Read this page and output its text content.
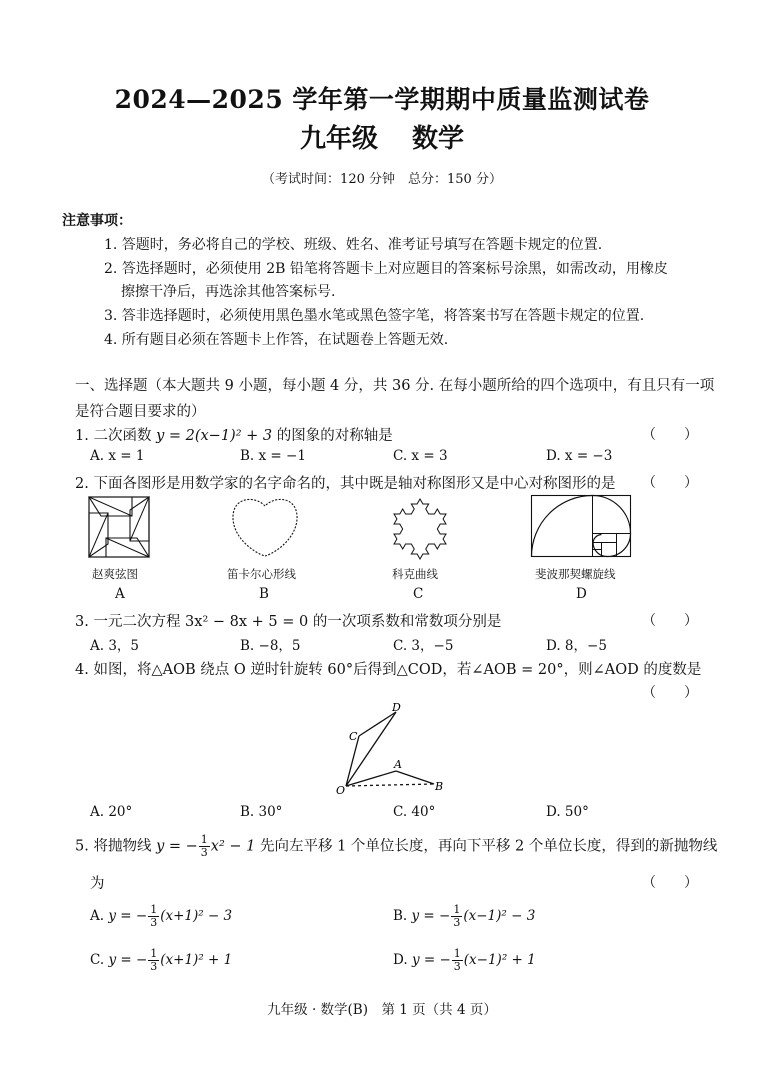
2024—2025 学年第一学期期中质量监测试卷
九年级 数学
（考试时间：120 分钟　总分：150 分）
注意事项：
1. 答题时，务必将自己的学校、班级、姓名、准考证号填写在答题卡规定的位置.
2. 答选择题时，必须使用 2B 铅笔将答题卡上对应题目的答案标号涂黑，如需改动，用橡皮
擦擦干净后，再选涂其他答案标号.
3. 答非选择题时，必须使用黑色墨水笔或黑色签字笔，将答案书写在答题卡规定的位置.
4. 所有题目必须在答题卡上作答，在试题卷上答题无效.
一、选择题（本大题共 9 小题，每小题 4 分，共 36 分. 在每小题所给的四个选项中，有且只有一项
是符合题目要求的）
1. 二次函数 y = 2(x−1)² + 3 的图象的对称轴是	（　　）
A. x = 1	B. x = −1	C. x = 3	D. x = −3
2. 下面各图形是用数学家的名字命名的，其中既是轴对称图形又是中心对称图形的是 （　　）
赵爽弦图	笛卡尔心形线	科克曲线	斐波那契螺旋线
A	B	C	D
3. 一元二次方程 3x² − 8x + 5 = 0 的一次项系数和常数项分别是	（　　）
A. 3，5	B. −8，5	C. 3，−5	D. 8，−5
4. 如图，将△AOB 绕点 O 逆时针旋转 60°后得到△COD，若∠AOB = 20°，则∠AOD 的度数是
（　　）
D
C
A
O	B
A. 20°	B. 30°	C. 40°	D. 50°
5. 将抛物线 y = − $\frac{1}{3} x^2 - 1$ 先向左平移 1 个单位长度，再向下平移 2 个单位长度，得到的新抛物线
为	（　　）
A. y = − $\frac{1}{3} (x+1)^2 - 3$	B. y = − $\frac{1}{3} (x-1)^2 - 3$
C. y = − $\frac{1}{3} (x+1)^2 + 1$	D. y = − $\frac{1}{3} (x-1)^2 + 1$
九年级 · 数学(B)　第 1 页（共 4 页）
